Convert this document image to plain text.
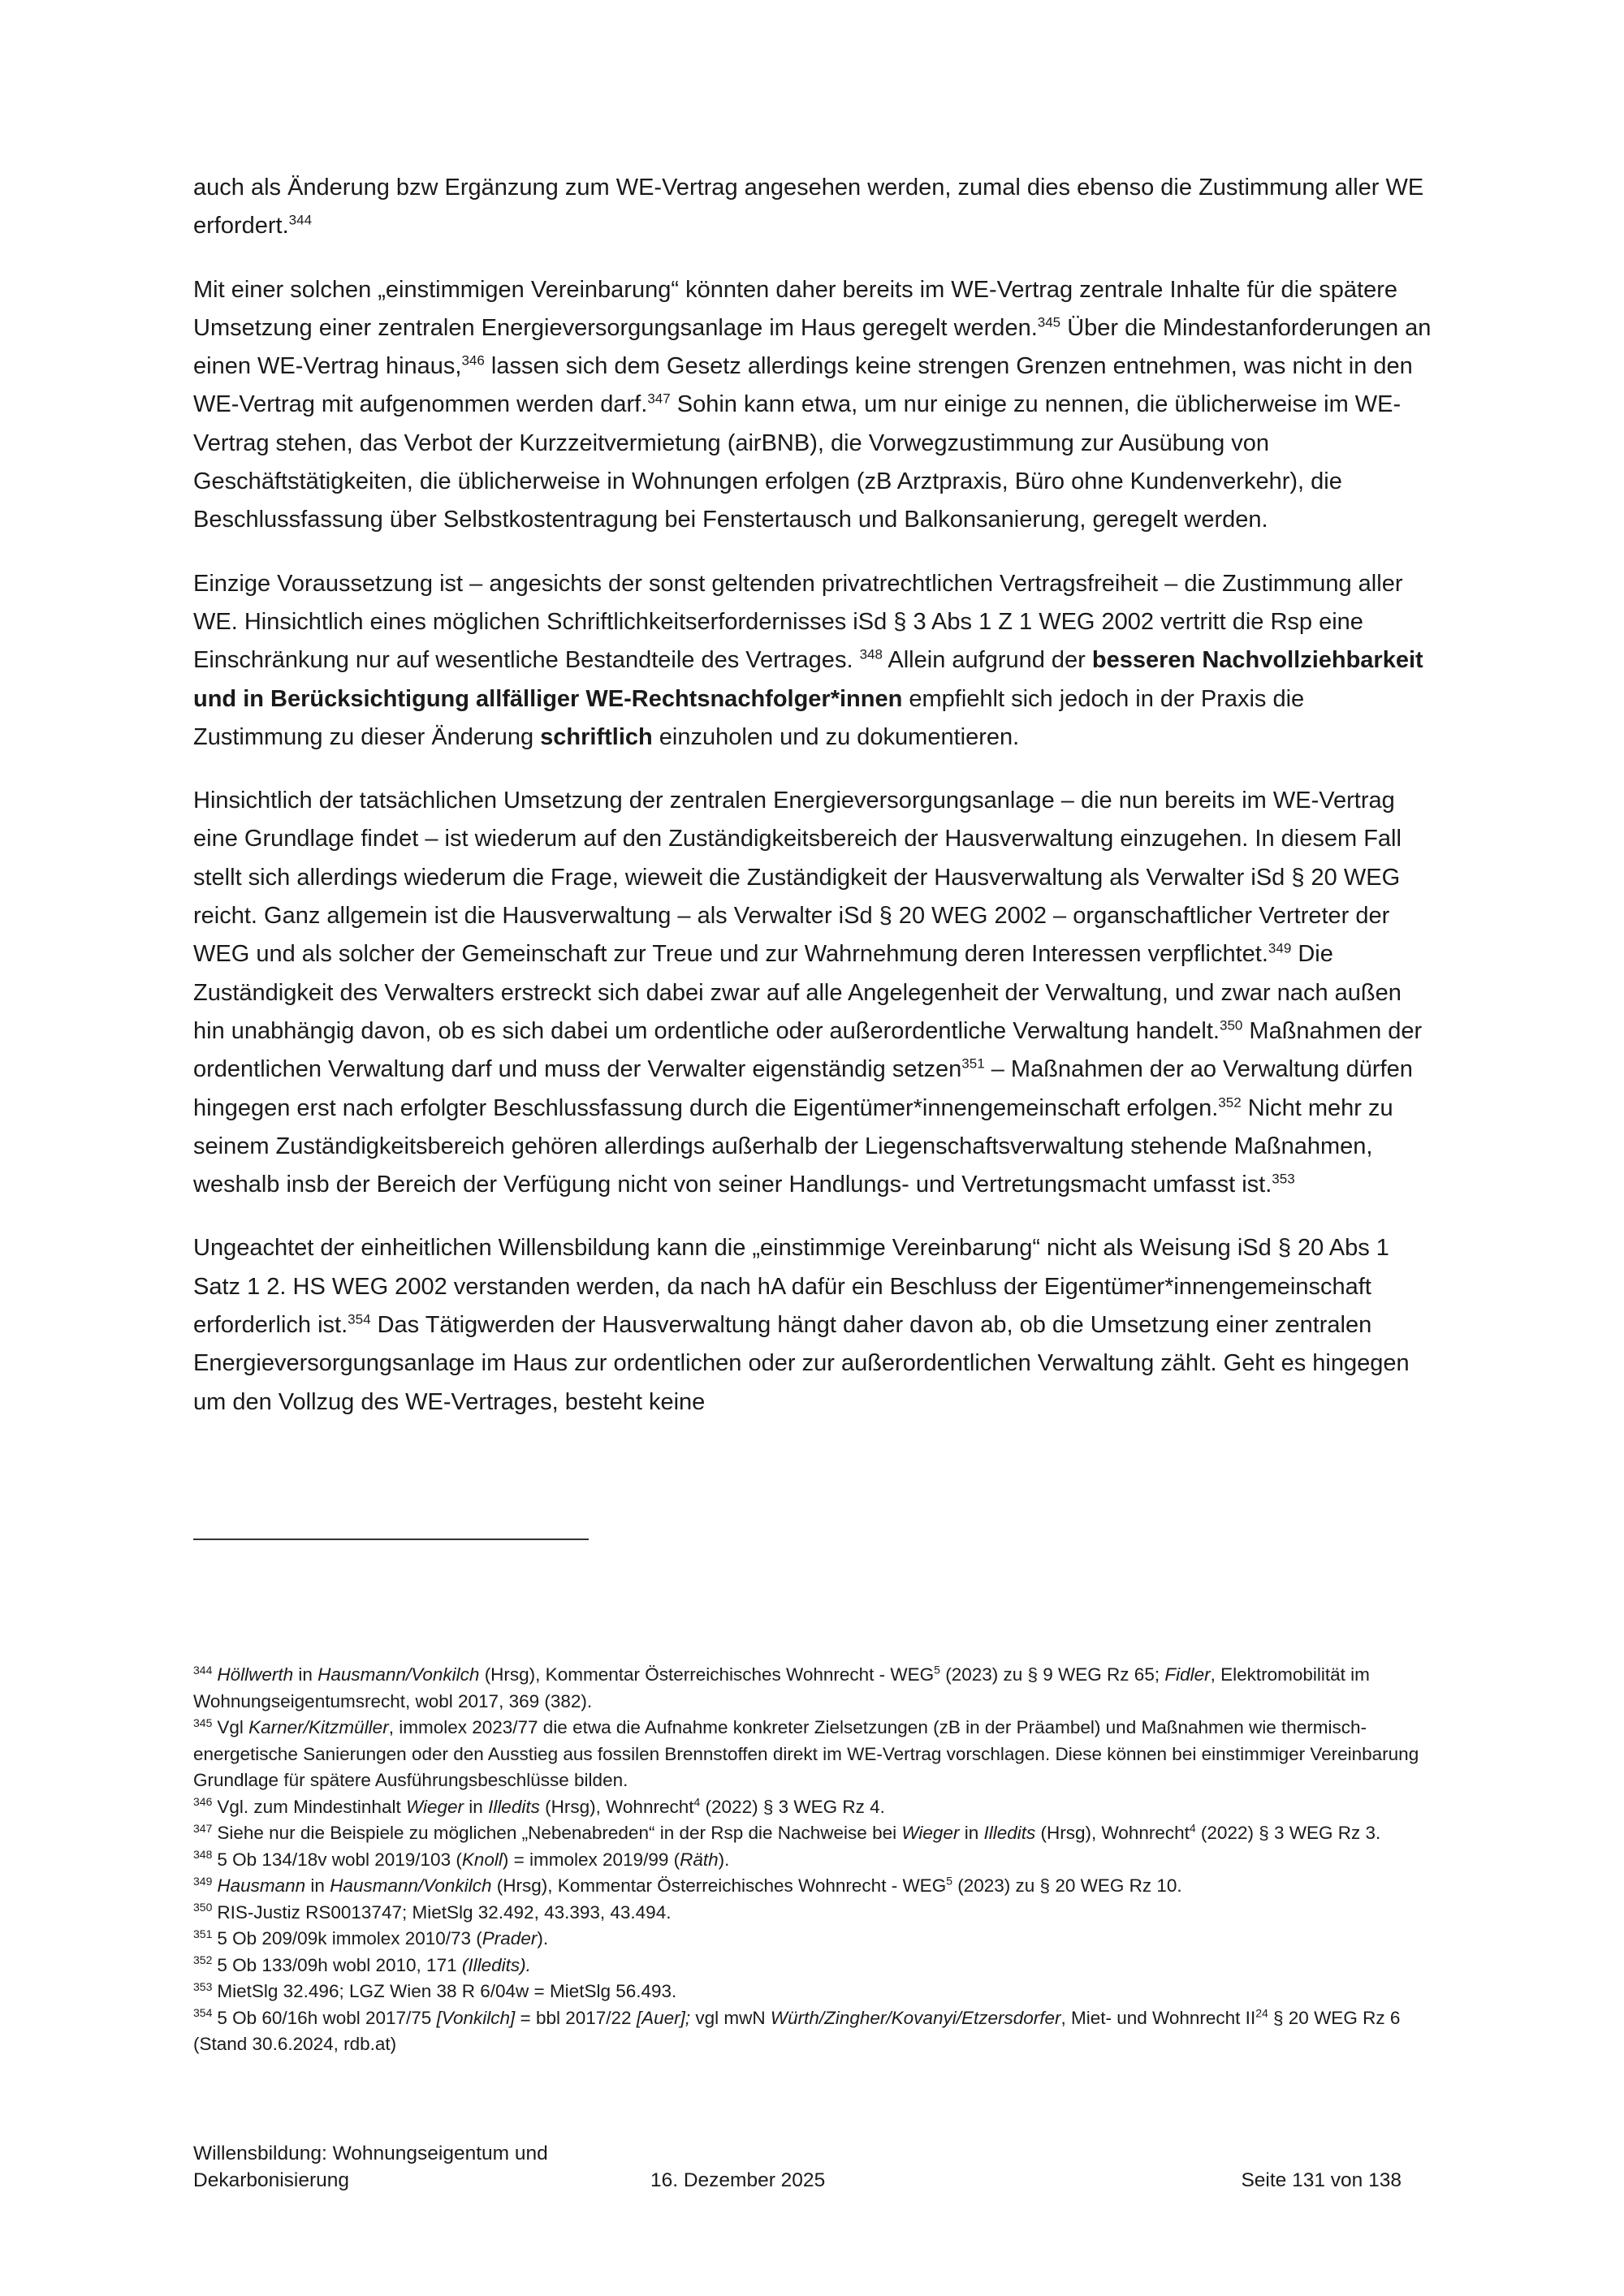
auch als Änderung bzw Ergänzung zum WE-Vertrag angesehen werden, zumal dies ebenso die Zustimmung aller WE erfordert.$^{344}$

Mit einer solchen „einstimmigen Vereinbarung“ könnten daher bereits im WE-Vertrag zentrale Inhalte für die spätere Umsetzung einer zentralen Energieversorgungsanlage im Haus geregelt werden.$^{345}$ Über die Mindestanforderungen an einen WE-Vertrag hinaus,$^{346}$ lassen sich dem Gesetz allerdings keine strengen Grenzen entnehmen, was nicht in den WE-Vertrag mit aufgenommen werden darf.$^{347}$ Sohin kann etwa, um nur einige zu nennen, die üblicherweise im WE-Vertrag stehen, das Verbot der Kurzzeitvermietung (airBNB), die Vorwegzustimmung zur Ausübung von Geschäftstätigkeiten, die üblicherweise in Wohnungen erfolgen (zB Arztpraxis, Büro ohne Kundenverkehr), die Beschlussfassung über Selbstkostentragung bei Fenstertausch und Balkonsanierung, geregelt werden.

Einzige Voraussetzung ist – angesichts der sonst geltenden privatrechtlichen Vertragsfreiheit – die Zustimmung aller WE. Hinsichtlich eines möglichen Schriftlichkeitserfordernisses iSd § 3 Abs 1 Z 1 WEG 2002 vertritt die Rsp eine Einschränkung nur auf wesentliche Bestandteile des Vertrages. $^{348}$ Allein aufgrund der besseren Nachvollziehbarkeit und in Berücksichtigung allfälliger WE-Rechtsnachfolger*innen empfiehlt sich jedoch in der Praxis die Zustimmung zu dieser Änderung schriftlich einzuholen und zu dokumentieren.

Hinsichtlich der tatsächlichen Umsetzung der zentralen Energieversorgungsanlage – die nun bereits im WE-Vertrag eine Grundlage findet – ist wiederum auf den Zuständigkeitsbereich der Hausverwaltung einzugehen. In diesem Fall stellt sich allerdings wiederum die Frage, wieweit die Zuständigkeit der Hausverwaltung als Verwalter iSd § 20 WEG reicht. Ganz allgemein ist die Hausverwaltung – als Verwalter iSd § 20 WEG 2002 – organschaftlicher Vertreter der WEG und als solcher der Gemeinschaft zur Treue und zur Wahrnehmung deren Interessen verpflichtet.$^{349}$ Die Zuständigkeit des Verwalters erstreckt sich dabei zwar auf alle Angelegenheit der Verwaltung, und zwar nach außen hin unabhängig davon, ob es sich dabei um ordentliche oder außerordentliche Verwaltung handelt.$^{350}$ Maßnahmen der ordentlichen Verwaltung darf und muss der Verwalter eigenständig setzen$^{351}$ – Maßnahmen der ao Verwaltung dürfen hingegen erst nach erfolgter Beschlussfassung durch die Eigentümer*innengemeinschaft erfolgen.$^{352}$ Nicht mehr zu seinem Zuständigkeitsbereich gehören allerdings außerhalb der Liegenschaftsverwaltung stehende Maßnahmen, weshalb insb der Bereich der Verfügung nicht von seiner Handlungs- und Vertretungsmacht umfasst ist.$^{353}$

Ungeachtet der einheitlichen Willensbildung kann die „einstimmige Vereinbarung“ nicht als Weisung iSd § 20 Abs 1 Satz 1 2. HS WEG 2002 verstanden werden, da nach hA dafür ein Beschluss der Eigentümer*innengemeinschaft erforderlich ist.$^{354}$ Das Tätigwerden der Hausverwaltung hängt daher davon ab, ob die Umsetzung einer zentralen Energieversorgungsanlage im Haus zur ordentlichen oder zur außerordentlichen Verwaltung zählt. Geht es hingegen um den Vollzug des WE-Vertrages, besteht keine

$^{344}$ Höllwerth in Hausmann/Vonkilch (Hrsg), Kommentar Österreichisches Wohnrecht - WEG$^5$ (2023) zu § 9 WEG Rz 65; Fidler, Elektromobilität im Wohnungseigentumsrecht, wobl 2017, 369 (382).

$^{345}$ Vgl Karner/Kitzmüller, immolex 2023/77 die etwa die Aufnahme konkreter Zielsetzungen (zB in der Präambel) und Maßnahmen wie thermisch-energetische Sanierungen oder den Ausstieg aus fossilen Brennstoffen direkt im WE-Vertrag vorschlagen. Diese können bei einstimmiger Vereinbarung Grundlage für spätere Ausführungsbeschlüsse bilden.

$^{346}$ Vgl. zum Mindestinhalt Wieger in Illedits (Hrsg), Wohnrecht$^4$ (2022) § 3 WEG Rz 4.

$^{347}$ Siehe nur die Beispiele zu möglichen „Nebenabreden“ in der Rsp die Nachweise bei Wieger in Illedits (Hrsg), Wohnrecht$^4$ (2022) § 3 WEG Rz 3.

$^{348}$ 5 Ob 134/18v wobl 2019/103 (Knoll) = immolex 2019/99 (Räth).

$^{349}$ Hausmann in Hausmann/Vonkilch (Hrsg), Kommentar Österreichisches Wohnrecht - WEG$^5$ (2023) zu § 20 WEG Rz 10.

$^{350}$ RIS-Justiz RS0013747; MietSlg 32.492, 43.393, 43.494.

$^{351}$ 5 Ob 209/09k immolex 2010/73 (Prader).

$^{352}$ 5 Ob 133/09h wobl 2010, 171 (Illedits).

$^{353}$ MietSlg 32.496; LGZ Wien 38 R 6/04w = MietSlg 56.493.

$^{354}$ 5 Ob 60/16h wobl 2017/75 [Vonkilch] = bbl 2017/22 [Auer]; vgl mwN Würth/Zingher/Kovanyi/Etzersdorfer, Miet- und Wohnrecht II$^{24}$ § 20 WEG Rz 6 (Stand 30.6.2024, rdb.at)

Willensbildung: Wohnungseigentum und
Dekarbonisierung	16. Dezember 2025	Seite 131 von 138
